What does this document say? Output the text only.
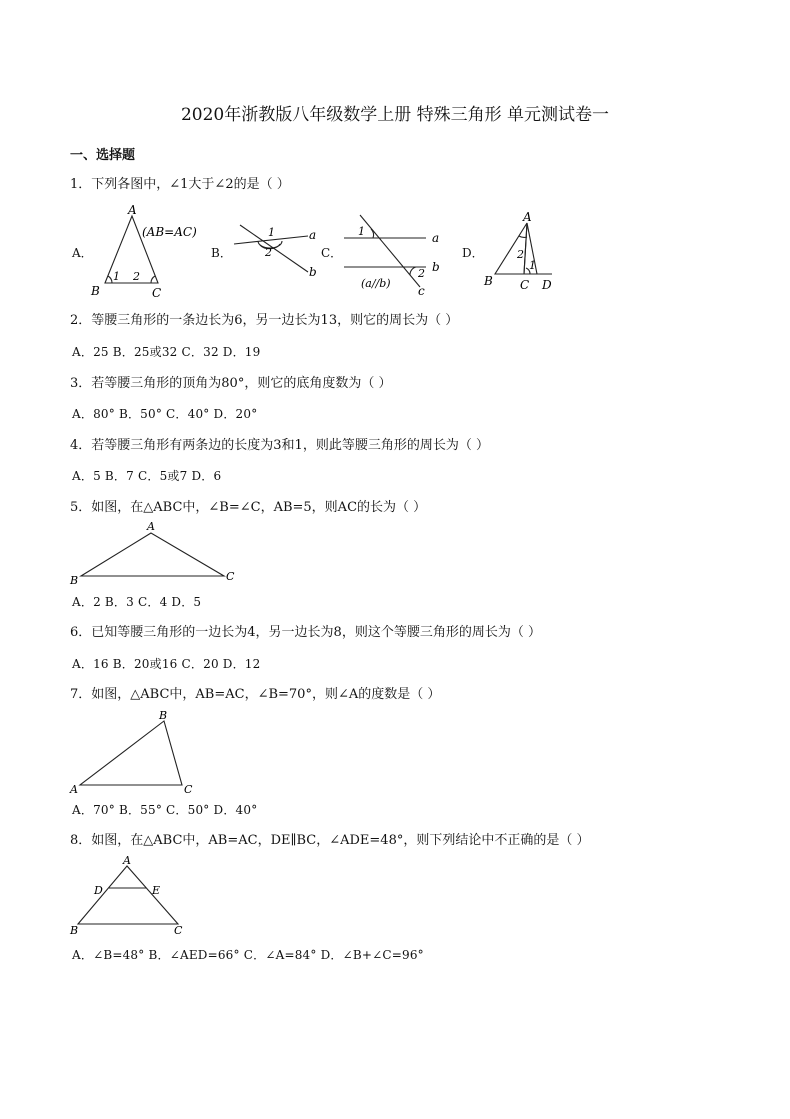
2020年浙教版八年级数学上册 特殊三角形 单元测试卷一
一、选择题
1．下列各图中，∠1大于∠2的是（ ）
A．
A
B	C
1 2
(AB=AC)
B．
1
2
a
b
C．
1
2
a
b
c
(a//b)
D．
A
B C D
2
1
2．等腰三角形的一条边长为6，另一边长为13，则它的周长为（ ）
A．25 B．25或32 C．32 D．19
3．若等腰三角形的顶角为80°，则它的底角度数为（ ）
A．80° B．50° C．40° D．20°
4．若等腰三角形有两条边的长度为3和1，则此等腰三角形的周长为（ ）
A．5 B．7 C．5或7 D．6
5．如图，在△ABC中，∠B=∠C，AB=5，则AC的长为（ ）
A
B	C
A．2 B．3 C．4 D．5
6．已知等腰三角形的一边长为4，另一边长为8，则这个等腰三角形的周长为（ ）
A．16 B．20或16 C．20 D．12
7．如图，△ABC中，AB=AC，∠B=70°，则∠A的度数是（ ）
B
A	C
A．70° B．55° C．50° D．40°
8．如图，在△ABC中，AB=AC，DE∥BC，∠ADE=48°，则下列结论中不正确的是（ ）
A
D	E
B	C
A．∠B=48° B．∠AED=66° C．∠A=84° D．∠B+∠C=96°
